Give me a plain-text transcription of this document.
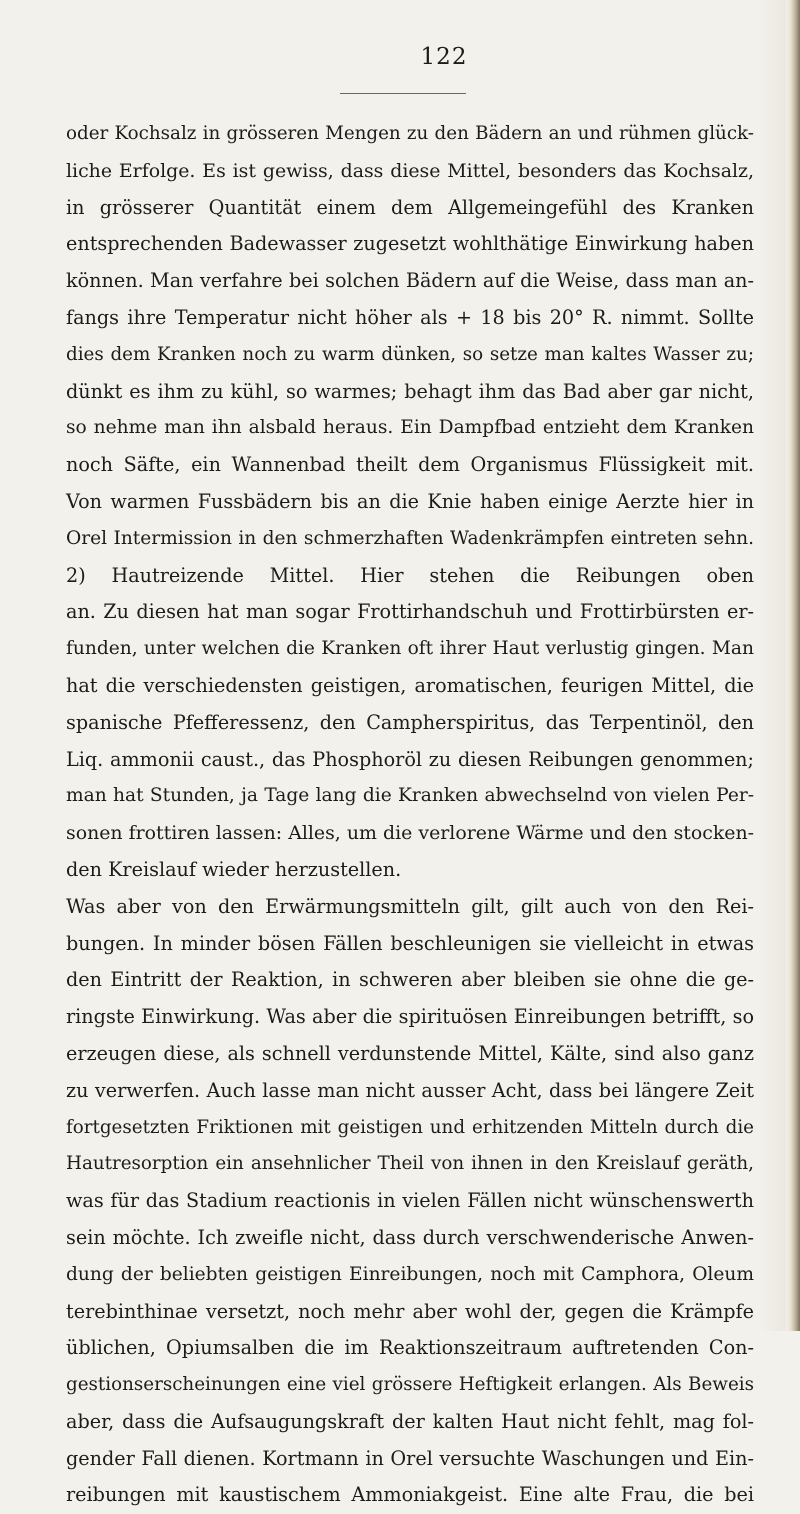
122
oder Kochsalz in grösseren Mengen zu den Bädern an und rühmen glück-
liche Erfolge. Es ist gewiss, dass diese Mittel, besonders das Kochsalz,
in grösserer Quantität einem dem Allgemeingefühl des Kranken
entsprechenden Badewasser zugesetzt wohlthätige Einwirkung haben
können. Man verfahre bei solchen Bädern auf die Weise, dass man an-
fangs ihre Temperatur nicht höher als + 18 bis 20° R. nimmt. Sollte
dies dem Kranken noch zu warm dünken, so setze man kaltes Wasser zu;
dünkt es ihm zu kühl, so warmes; behagt ihm das Bad aber gar nicht,
so nehme man ihn alsbald heraus. Ein Dampfbad entzieht dem Kranken
noch Säfte, ein Wannenbad theilt dem Organismus Flüssigkeit mit.
Von warmen Fussbädern bis an die Knie haben einige Aerzte hier in
Orel Intermission in den schmerzhaften Wadenkrämpfen eintreten sehn.
2) Hautreizende Mittel. Hier stehen die Reibungen oben
an. Zu diesen hat man sogar Frottirhandschuh und Frottirbürsten er-
funden, unter welchen die Kranken oft ihrer Haut verlustig gingen. Man
hat die verschiedensten geistigen, aromatischen, feurigen Mittel, die
spanische Pfefferessenz, den Campherspiritus, das Terpentinöl, den
Liq. ammonii caust., das Phosphoröl zu diesen Reibungen genommen;
man hat Stunden, ja Tage lang die Kranken abwechselnd von vielen Per-
sonen frottiren lassen: Alles, um die verlorene Wärme und den stocken-
den Kreislauf wieder herzustellen.
Was aber von den Erwärmungsmitteln gilt, gilt auch von den Rei-
bungen. In minder bösen Fällen beschleunigen sie vielleicht in etwas
den Eintritt der Reaktion, in schweren aber bleiben sie ohne die ge-
ringste Einwirkung. Was aber die spirituösen Einreibungen betrifft, so
erzeugen diese, als schnell verdunstende Mittel, Kälte, sind also ganz
zu verwerfen. Auch lasse man nicht ausser Acht, dass bei längere Zeit
fortgesetzten Friktionen mit geistigen und erhitzenden Mitteln durch die
Hautresorption ein ansehnlicher Theil von ihnen in den Kreislauf geräth,
was für das Stadium reactionis in vielen Fällen nicht wünschenswerth
sein möchte. Ich zweifle nicht, dass durch verschwenderische Anwen-
dung der beliebten geistigen Einreibungen, noch mit Camphora, Oleum
terebinthinae versetzt, noch mehr aber wohl der, gegen die Krämpfe
üblichen, Opiumsalben die im Reaktionszeitraum auftretenden Con-
gestionserscheinungen eine viel grössere Heftigkeit erlangen. Als Beweis
aber, dass die Aufsaugungskraft der kalten Haut nicht fehlt, mag fol-
gender Fall dienen. Kortmann in Orel versuchte Waschungen und Ein-
reibungen mit kaustischem Ammoniakgeist. Eine alte Frau, die bei
